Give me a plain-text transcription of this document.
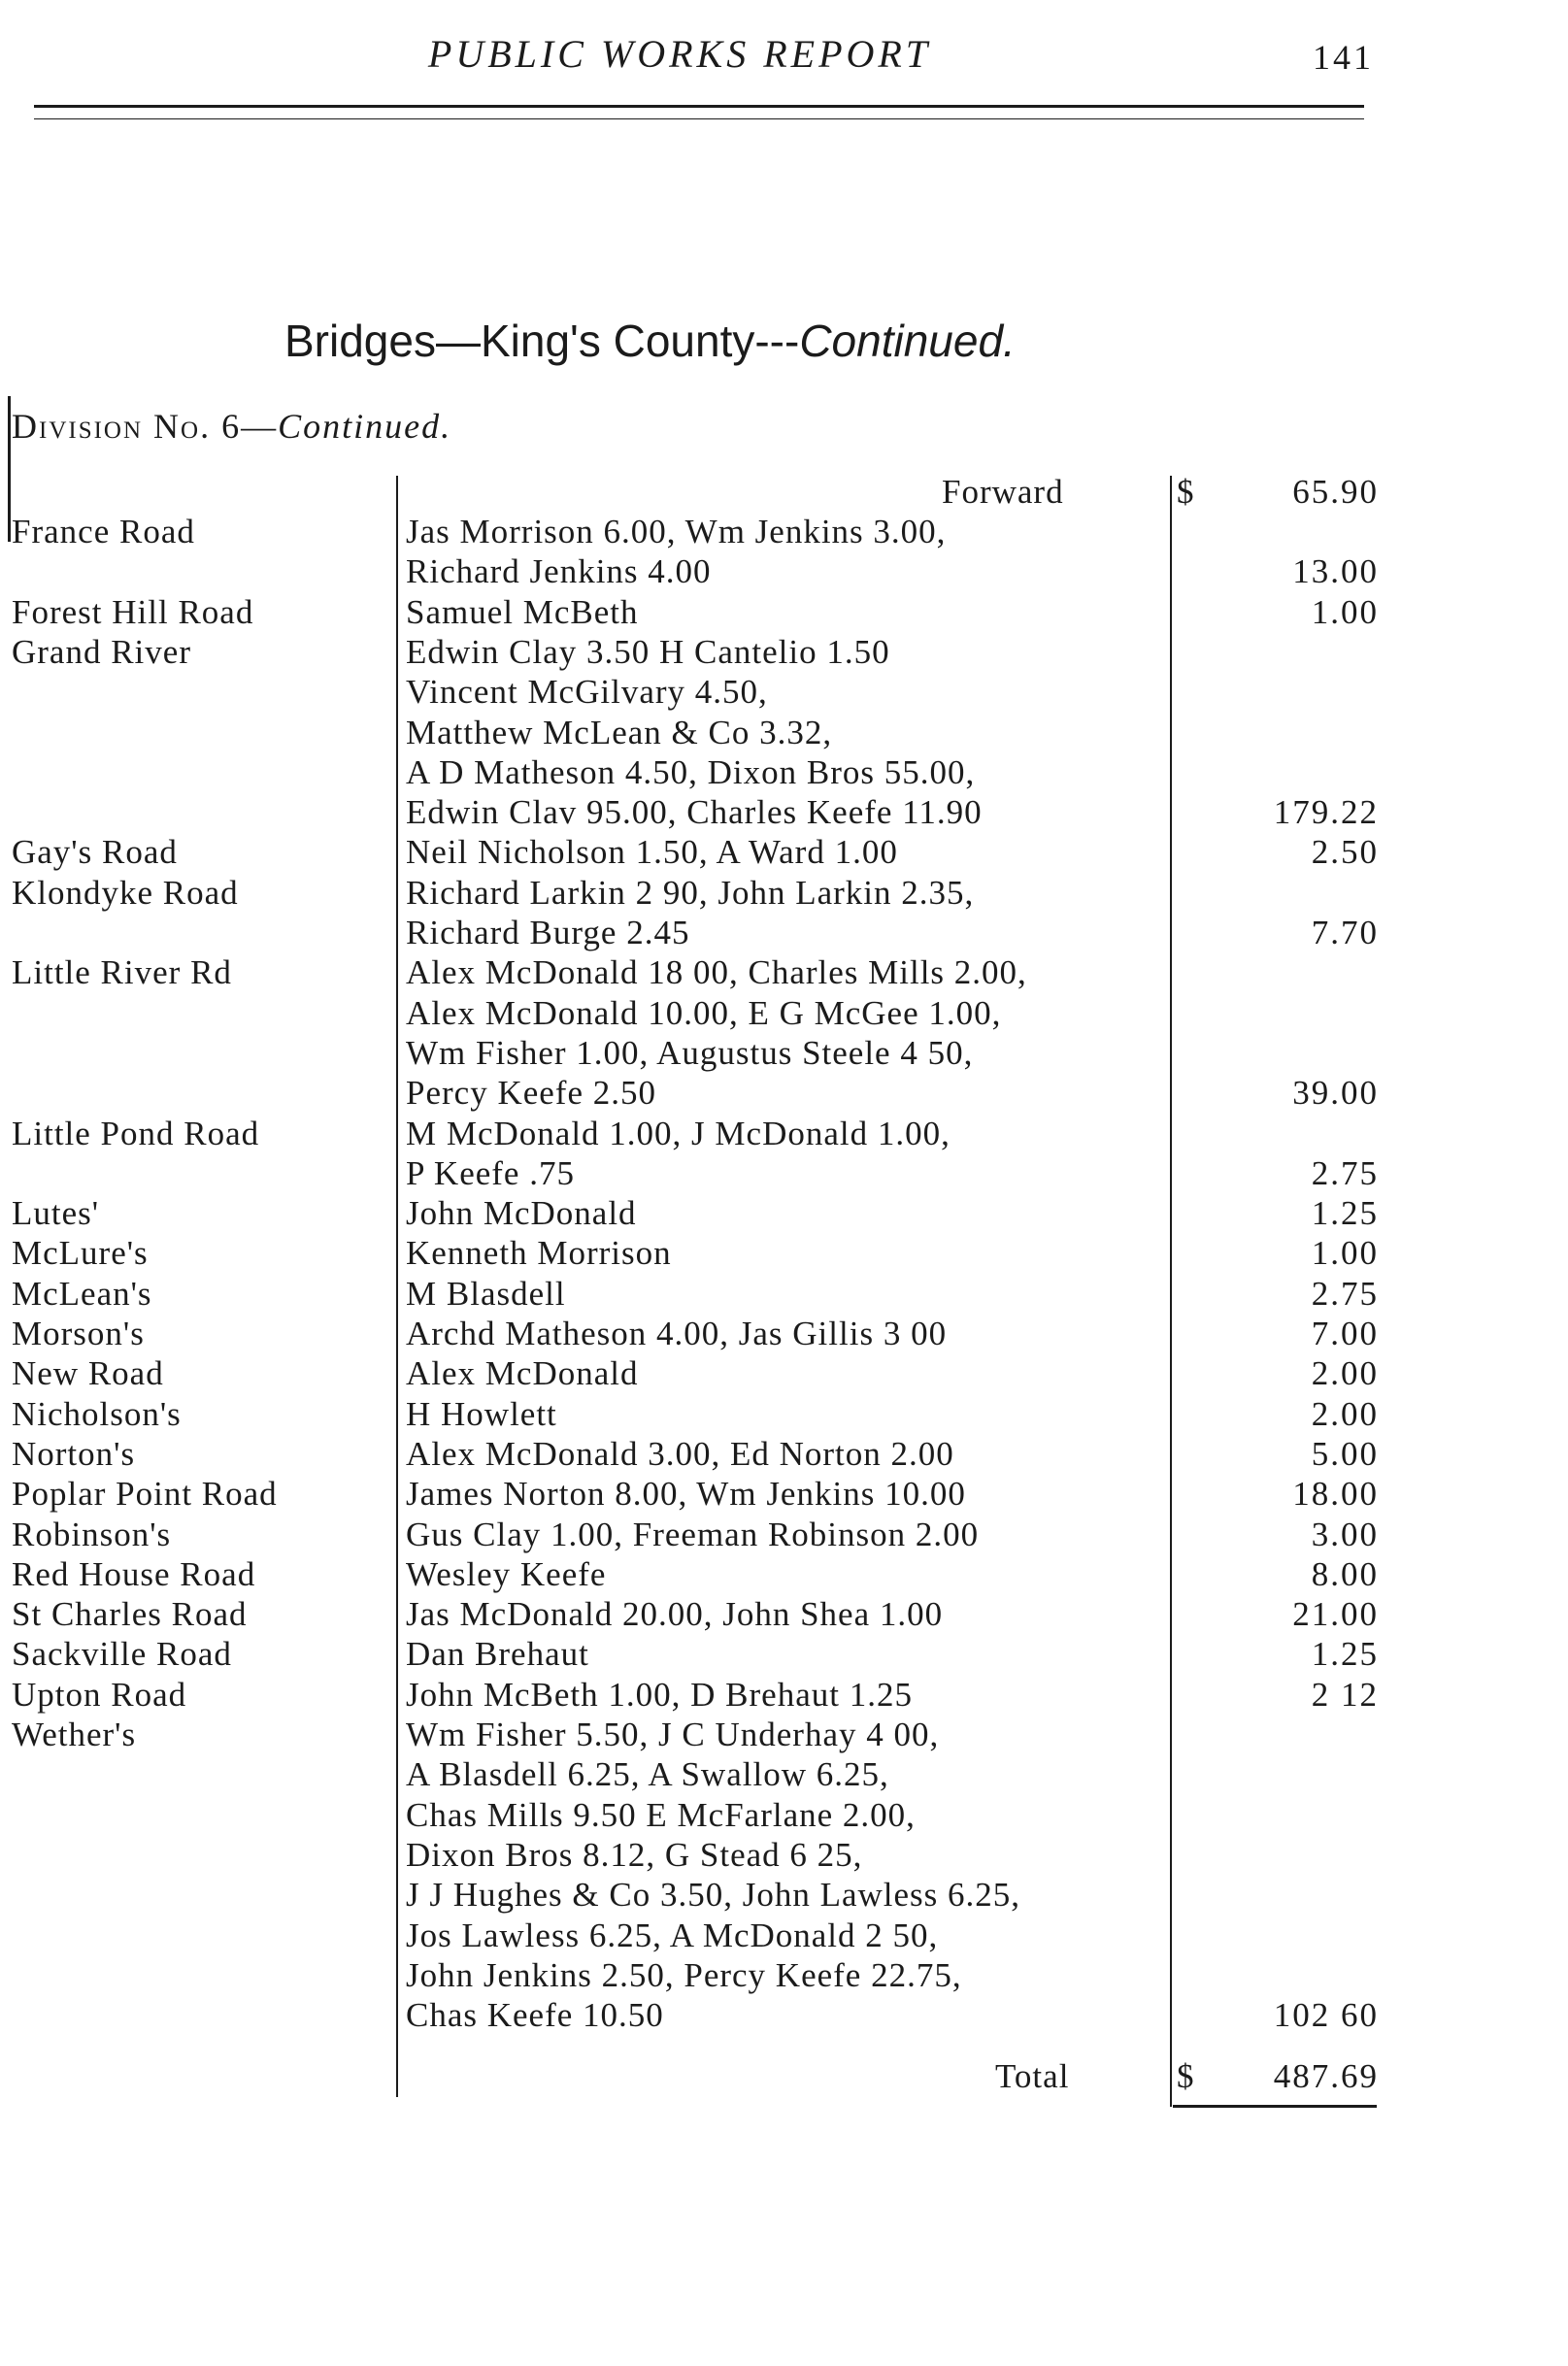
PUBLIC WORKS REPORT	141
Bridges—King's County---Continued.
Division No. 6—Continued.
Forward	$	65.90
France Road	Jas Morrison 6.00, Wm Jenkins 3.00,
Richard Jenkins 4.00	13.00
Forest Hill Road	Samuel McBeth	1.00
Grand River	Edwin Clay 3.50 H Cantelio 1.50
Vincent McGilvary 4.50,
Matthew McLean & Co 3.32,
A D Matheson 4.50, Dixon Bros 55.00,
Edwin Clav 95.00, Charles Keefe 11.90	179.22
Gay's Road	Neil Nicholson 1.50, A Ward 1.00	2.50
Klondyke Road	Richard Larkin 2 90, John Larkin 2.35,
Richard Burge 2.45	7.70
Little River Rd	Alex McDonald 18 00, Charles Mills 2.00,
Alex McDonald 10.00, E G McGee 1.00,
Wm Fisher 1.00, Augustus Steele 4 50,
Percy Keefe 2.50	39.00
Little Pond Road	M McDonald 1.00, J McDonald 1.00,
P Keefe .75	2.75
Lutes'	John McDonald	1.25
McLure's	Kenneth Morrison	1.00
McLean's	M Blasdell	2.75
Morson's	Archd Matheson 4.00, Jas Gillis 3 00	7.00
New Road	Alex McDonald	2.00
Nicholson's	H Howlett	2.00
Norton's	Alex McDonald 3.00, Ed Norton 2.00	5.00
Poplar Point Road	James Norton 8.00, Wm Jenkins 10.00	18.00
Robinson's	Gus Clay 1.00, Freeman Robinson 2.00	3.00
Red House Road	Wesley Keefe	8.00
St Charles Road	Jas McDonald 20.00, John Shea 1.00	21.00
Sackville Road	Dan Brehaut	1.25
Upton Road	John McBeth 1.00, D Brehaut 1.25	2 12
Wether's	Wm Fisher 5.50, J C Underhay 4 00,
A Blasdell 6.25, A Swallow 6.25,
Chas Mills 9.50 E McFarlane 2.00,
Dixon Bros 8.12, G Stead 6 25,
J J Hughes & Co 3.50, John Lawless 6.25,
Jos Lawless 6.25, A McDonald 2 50,
John Jenkins 2.50, Percy Keefe 22.75,
Chas Keefe 10.50	102 60
Total	$	487.69
